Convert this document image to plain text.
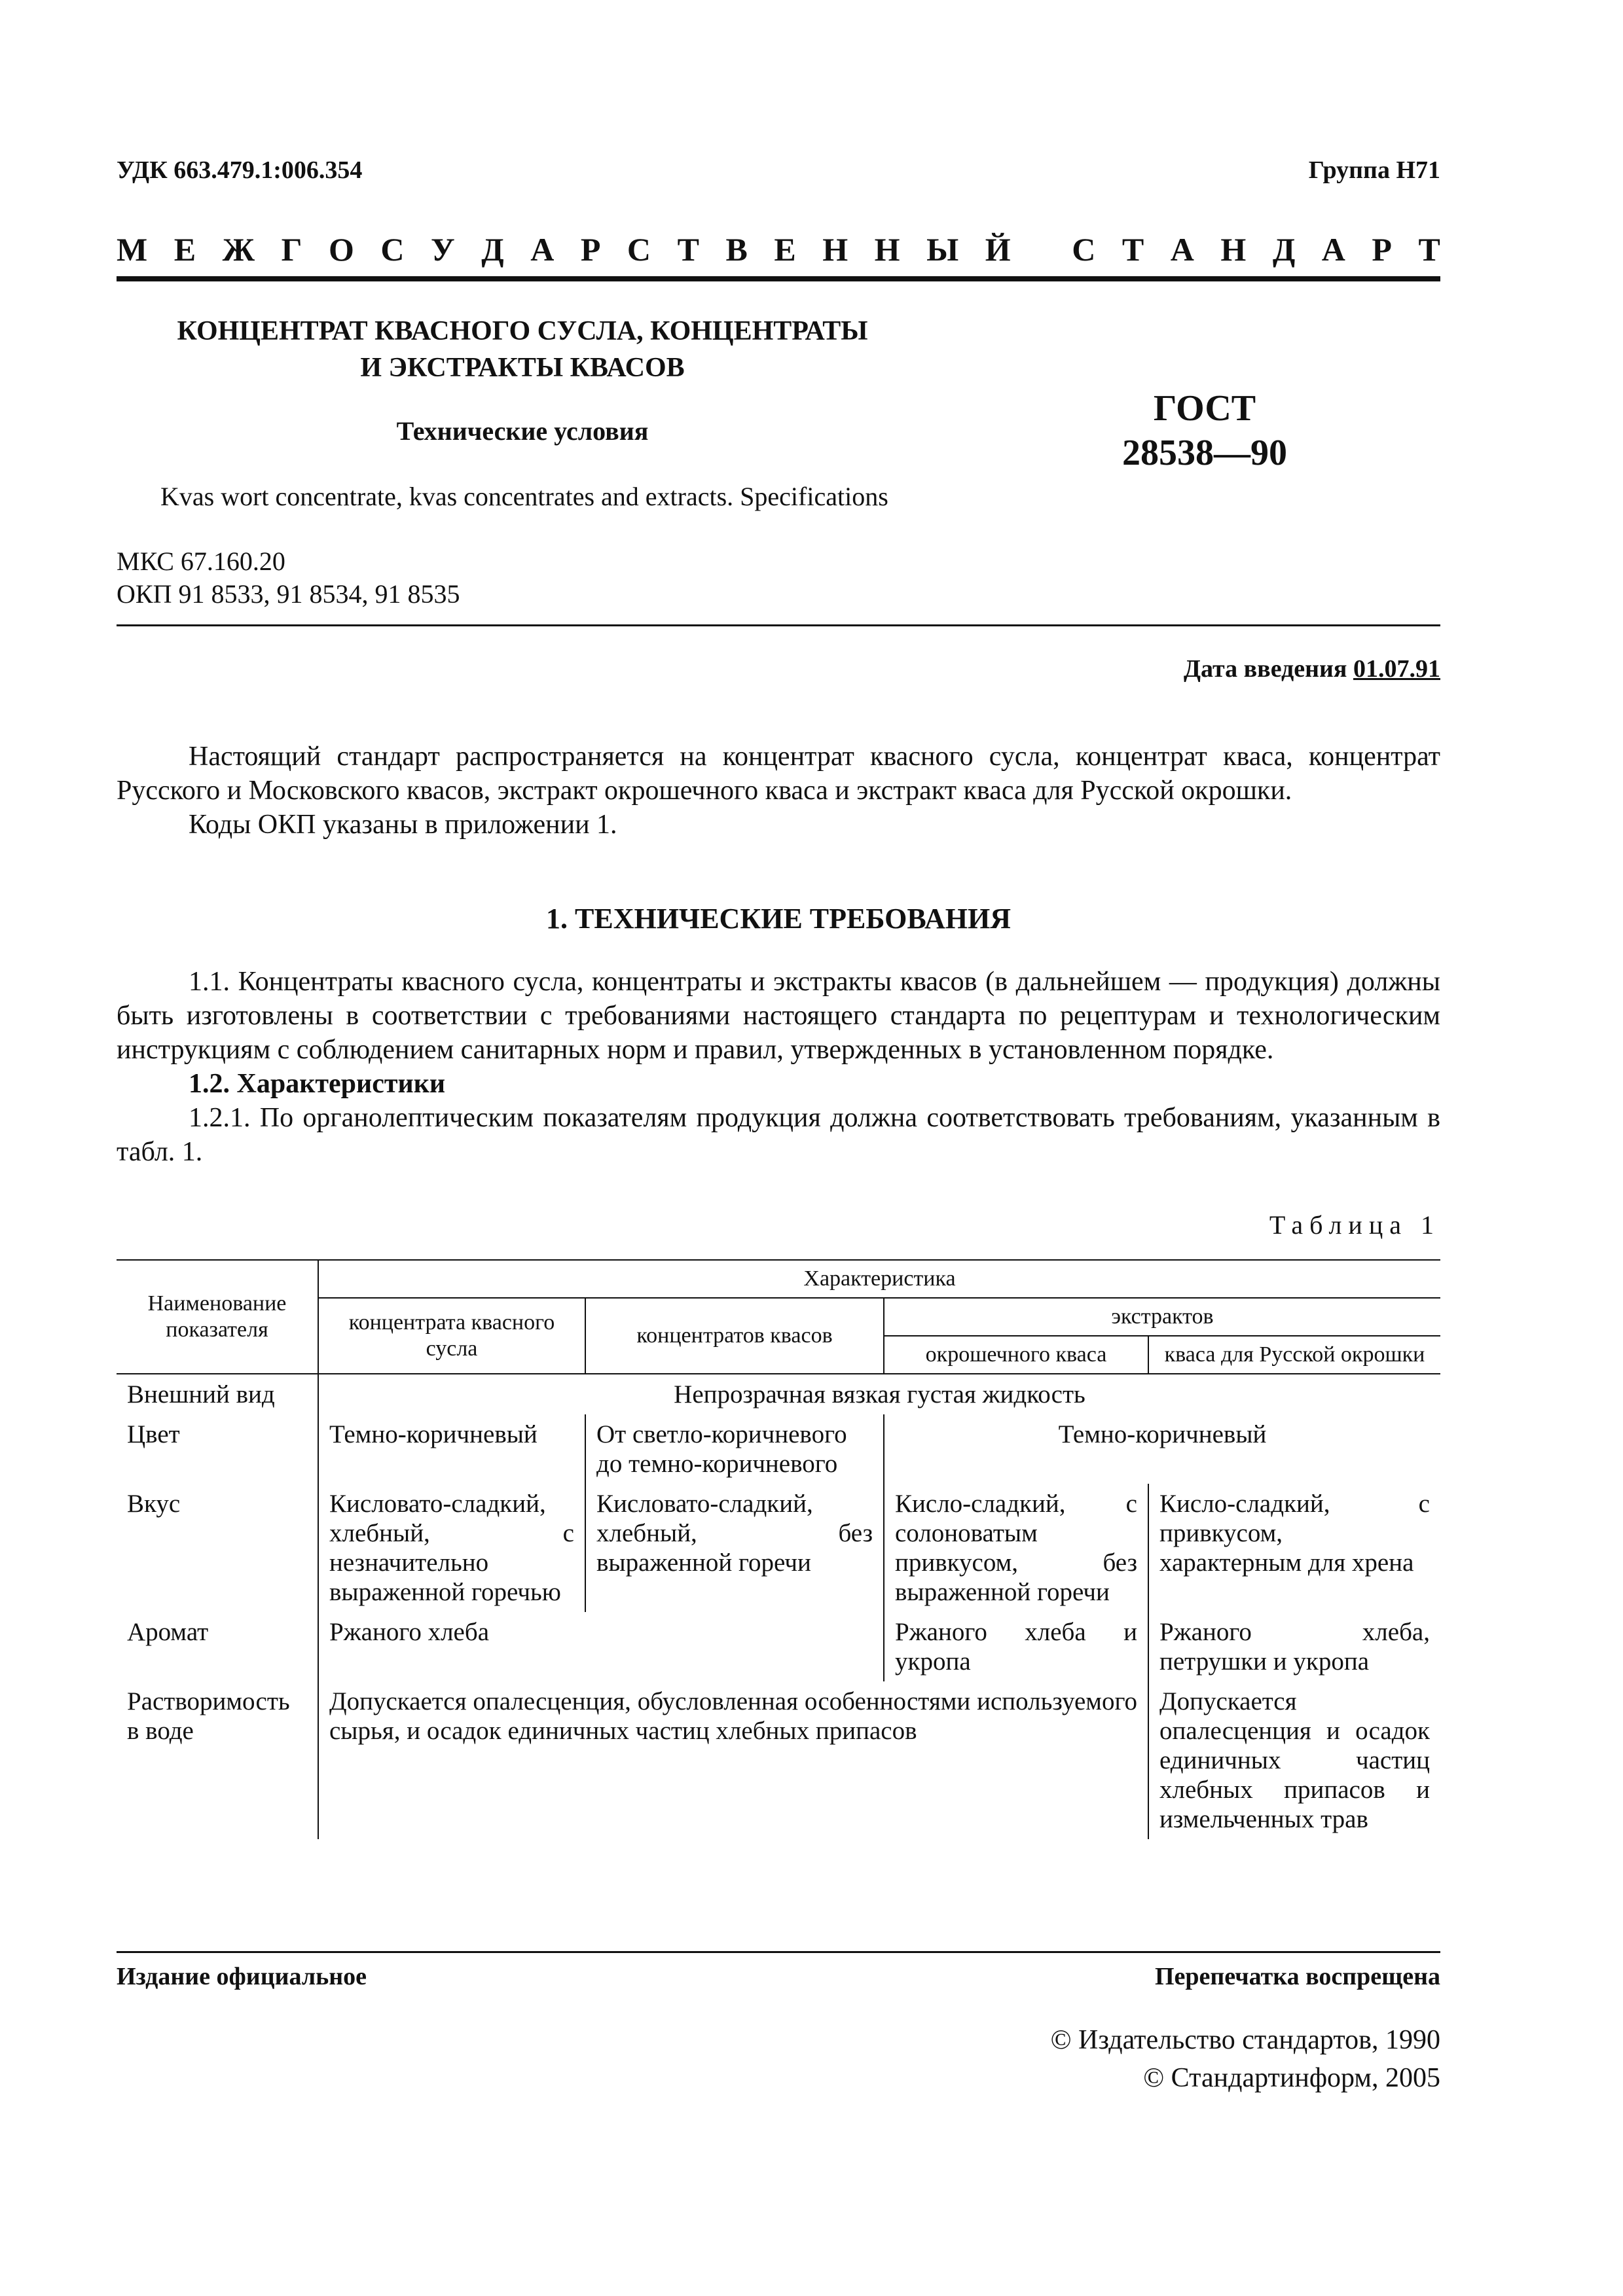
УДК 663.479.1:006.354	Группа Н71
М Е Ж Г О С У Д А Р С Т В Е Н Н Ы Й
С Т А Н Д А Р Т
КОНЦЕНТРАТ КВАСНОГО СУСЛА, КОНЦЕНТРАТЫ
И ЭКСТРАКТЫ КВАСОВ
Технические условия
ГОСТ
28538—90
Kvas wort concentrate, kvas concentrates and extracts. Specifications
МКС 67.160.20
ОКП 91 8533, 91 8534, 91 8535
Дата введения 01.07.91

Настоящий стандарт распространяется на концентрат квасного сусла, концентрат кваса, концентрат Русского и Московского квасов, экстракт окрошечного кваса и экстракт кваса для Русской окрошки.

Коды ОКП указаны в приложении 1.

1. ТЕХНИЧЕСКИЕ ТРЕБОВАНИЯ

1.1. Концентраты квасного сусла, концентраты и экстракты квасов (в дальнейшем — продукция) должны быть изготовлены в соответствии с требованиями настоящего стандарта по рецептурам и технологическим инструкциям с соблюдением санитарных норм и правил, утвержденных в установленном порядке.

1.2. Характеристики

1.2.1. По органолептическим показателям продукция должна соответствовать требованиям, указанным в табл. 1.

Таблица 1
Наименование показателя	Характеристика			
	концентрата квасного сусла	концентратов квасов	экстрактов	
			окрошечного кваса	кваса для Русской окрошки
Внешний вид	Непрозрачная вязкая густая жидкость			
Цвет	Темно-коричневый	От светло-коричневого до темно-коричневого	Темно-коричневый	
Вкус	Кисловато-сладкий, хлебный, с незначительно выраженной горечью	Кисловато-сладкий, хлебный, без выраженной горечи	Кисло-сладкий, с солоноватым привкусом, без выраженной горечи	Кисло-сладкий, с привкусом, характерным для хрена
Аромат	Ржаного хлеба		Ржаного хлеба и укропа	Ржаного хлеба, петрушки и укропа
Растворимость в воде	Допускается опалесценция, обусловленная особенностями используемого сырья, и осадок единичных частиц хлебных припасов			Допускается опалесценция и осадок единичных частиц хлебных припасов и измельченных трав
Издание официальное	Перепечатка воспрещена
© Издательство стандартов, 1990
© Стандартинформ, 2005
